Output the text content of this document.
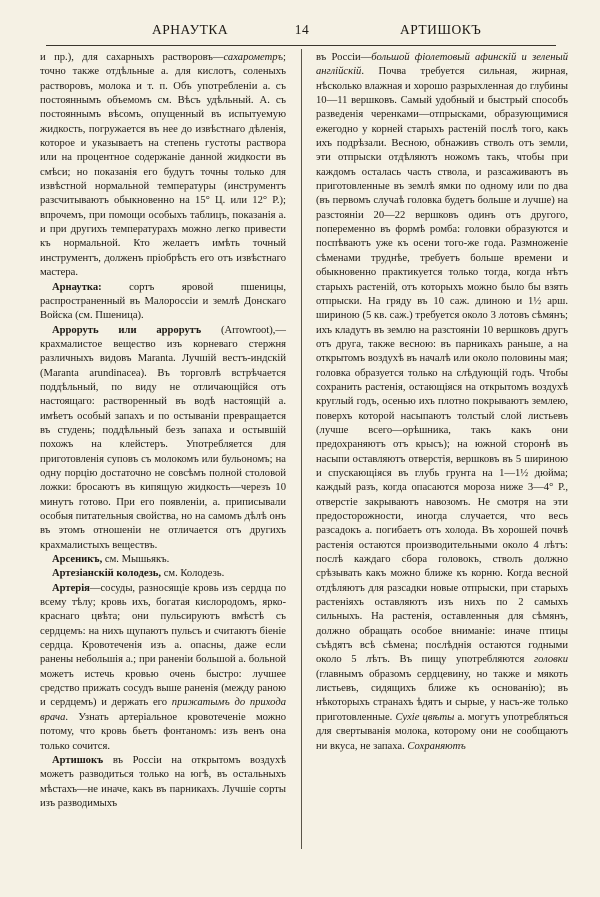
АРНАУТКА	14	АРТИШОКЪ

и пр.), для сахарныхъ растворовъ—сахарометръ; точно также отдѣльные а. для кислотъ, соленыхъ растворовъ, молока и т. п. Объ употребленіи а. съ постояннымъ объемомъ см. Вѣсъ удѣльный. А. съ постояннымъ вѣсомъ, опущенный въ испытуемую жидкость, погружается въ нее до извѣстнаго дѣленія, которое и указываетъ на степень густоты раствора или на процентное содержаніе данной жидкости въ смѣси; но показанія его будутъ точны только для извѣстной нормальной температуры (инструментъ разсчитываютъ обыкновенно на 15° Ц. или 12° Р.); впрочемъ, при помощи особыхъ таблицъ, показанія а. и при другихъ температурахъ можно легко привести къ нормальной. Кто желаетъ имѣть точный инструментъ, долженъ пріобрѣсть его отъ извѣстнаго мастера.

Арнаутка: сортъ яровой пшеницы, распространенный въ Малороссіи и землѣ Донскаго Войска (см. Пшеница).

Арроруть или аррорутъ (Arrowroot),—крахмалистое вещество изъ корневаго стержня различныхъ видовъ Maranta. Лучшій вестъ-индскій (Maranta arundinacea). Въ торговлѣ встрѣчается поддѣльный, по виду не отличающійся отъ настоящаго: растворенный въ водѣ настоящій а. имѣетъ особый запахъ и по остываніи превращается въ студень; поддѣльный безъ запаха и остывшій похожъ на клейстеръ. Употребляется для приготовленія суповъ съ молокомъ или бульономъ; на одну порцію достаточно не совсѣмъ полной столовой ложки: бросаютъ въ кипящую жидкость—черезъ 10 минутъ готово. При его появленіи, а. приписывали особыя питательныя свойства, но на самомъ дѣлѣ онъ въ этомъ отношеніи не отличается отъ другихъ крахмалистыхъ веществъ.

Арсеникъ, см. Мышьякъ.

Артезіанскій колодезь, см. Колодезь.

Артерія—сосуды, разносящіе кровь изъ сердца по всему тѣлу; кровь ихъ, богатая кислородомъ, ярко-краснаго цвѣта; они пульсируютъ вмѣстѣ съ сердцемъ: на нихъ щупаютъ пульсъ и считаютъ біеніе сердца. Кровотеченія изъ а. опасны, даже если ранены небольшія а.; при раненіи большой а. больной можетъ истечь кровью очень быстро: лучшее средство прижать сосудъ выше раненія (между раною и сердцемъ) и держать его прижатымъ до прихода врача. Узнать артеріальное кровотеченіе можно потому, что кровь бьетъ фонтаномъ: изъ венъ она только сочится.

Артишокъ въ Россіи на открытомъ воздухѣ можетъ разводиться только на югѣ, въ остальныхъ мѣстахъ—не иначе, какъ въ парникахъ. Лучшіе сорты изъ разводимыхъ

въ Россіи—большой фіолетовый афинскій и зеленый англійскій. Почва требуется сильная, жирная, нѣсколько влажная и хорошо разрыхленная до глубины 10—11 вершковъ. Самый удобный и быстрый способъ разведенія черенками—отпрысками, образующимися ежегодно у корней старыхъ растеній послѣ того, какъ ихъ подрѣзали. Весною, обнаживъ стволъ отъ земли, эти отпрыски отдѣляютъ ножомъ такъ, чтобы при каждомъ осталась часть ствола, и разсаживаютъ въ приготовленные въ землѣ ямки по одному или по два (въ первомъ случаѣ головка будетъ больше и лучше) на разстояніи 20—22 вершковъ одинъ отъ другого, попеременно въ формѣ ромба: головки образуются и поспѣваютъ уже къ осени того-же года. Размноженіе сѣменами труднѣе, требуетъ больше времени и обыкновенно практикуется только тогда, когда нѣтъ старыхъ растеній, отъ которыхъ можно было бы взять отпрыски. На гряду въ 10 саж. длиною и 1½ арш. шириною (5 кв. саж.) требуется около 3 лотовъ сѣмянъ; ихъ кладутъ въ землю на разстояніи 10 вершковъ другъ отъ друга, также весною: въ парникахъ раньше, а на открытомъ воздухѣ въ началѣ или около половины мая; головка образуется только на слѣдующій годъ. Чтобы сохранить растенія, остающіяся на открытомъ воздухѣ круглый годъ, осенью ихъ плотно покрываютъ землею, поверхъ которой насыпаютъ толстый слой листьевъ (лучше всего—орѣшника, такъ какъ они предохраняютъ отъ крысъ); на южной сторонѣ въ насыпи оставляютъ отверстія, вершковъ въ 5 шириною и спускающіяся въ глубь грунта на 1—1½ дюйма; каждый разъ, когда опасаются мороза ниже 3—4° Р., отверстіе закрываютъ навозомъ. Не смотря на эти предосторожности, иногда случается, что весь разсадокъ а. погибаетъ отъ холода. Въ хорошей почвѣ растенія остаются производительными около 4 лѣтъ: послѣ каждаго сбора головокъ, стволъ должно срѣзывать какъ можно ближе къ корню. Когда весной отдѣляютъ для разсадки новые отпрыски, при старыхъ растеніяхъ оставляютъ изъ нихъ по 2 самыхъ сильныхъ. На растенія, оставленныя для сѣмянъ, должно обращать особое вниманіе: иначе птицы съѣдятъ всѣ сѣмена; послѣднія остаются годными около 5 лѣтъ. Въ пищу употребляются головки (главнымъ образомъ сердцевину, но также и мякоть листьевъ, сидящихъ ближе къ основанію); въ нѣкоторыхъ странахъ ѣдятъ и сырые, у насъ-же только приготовленные. Сухіе цвѣты а. могутъ употребляться для свертыванія молока, которому они не сообщаютъ ни вкуса, не запаха. Сохраняютъ
